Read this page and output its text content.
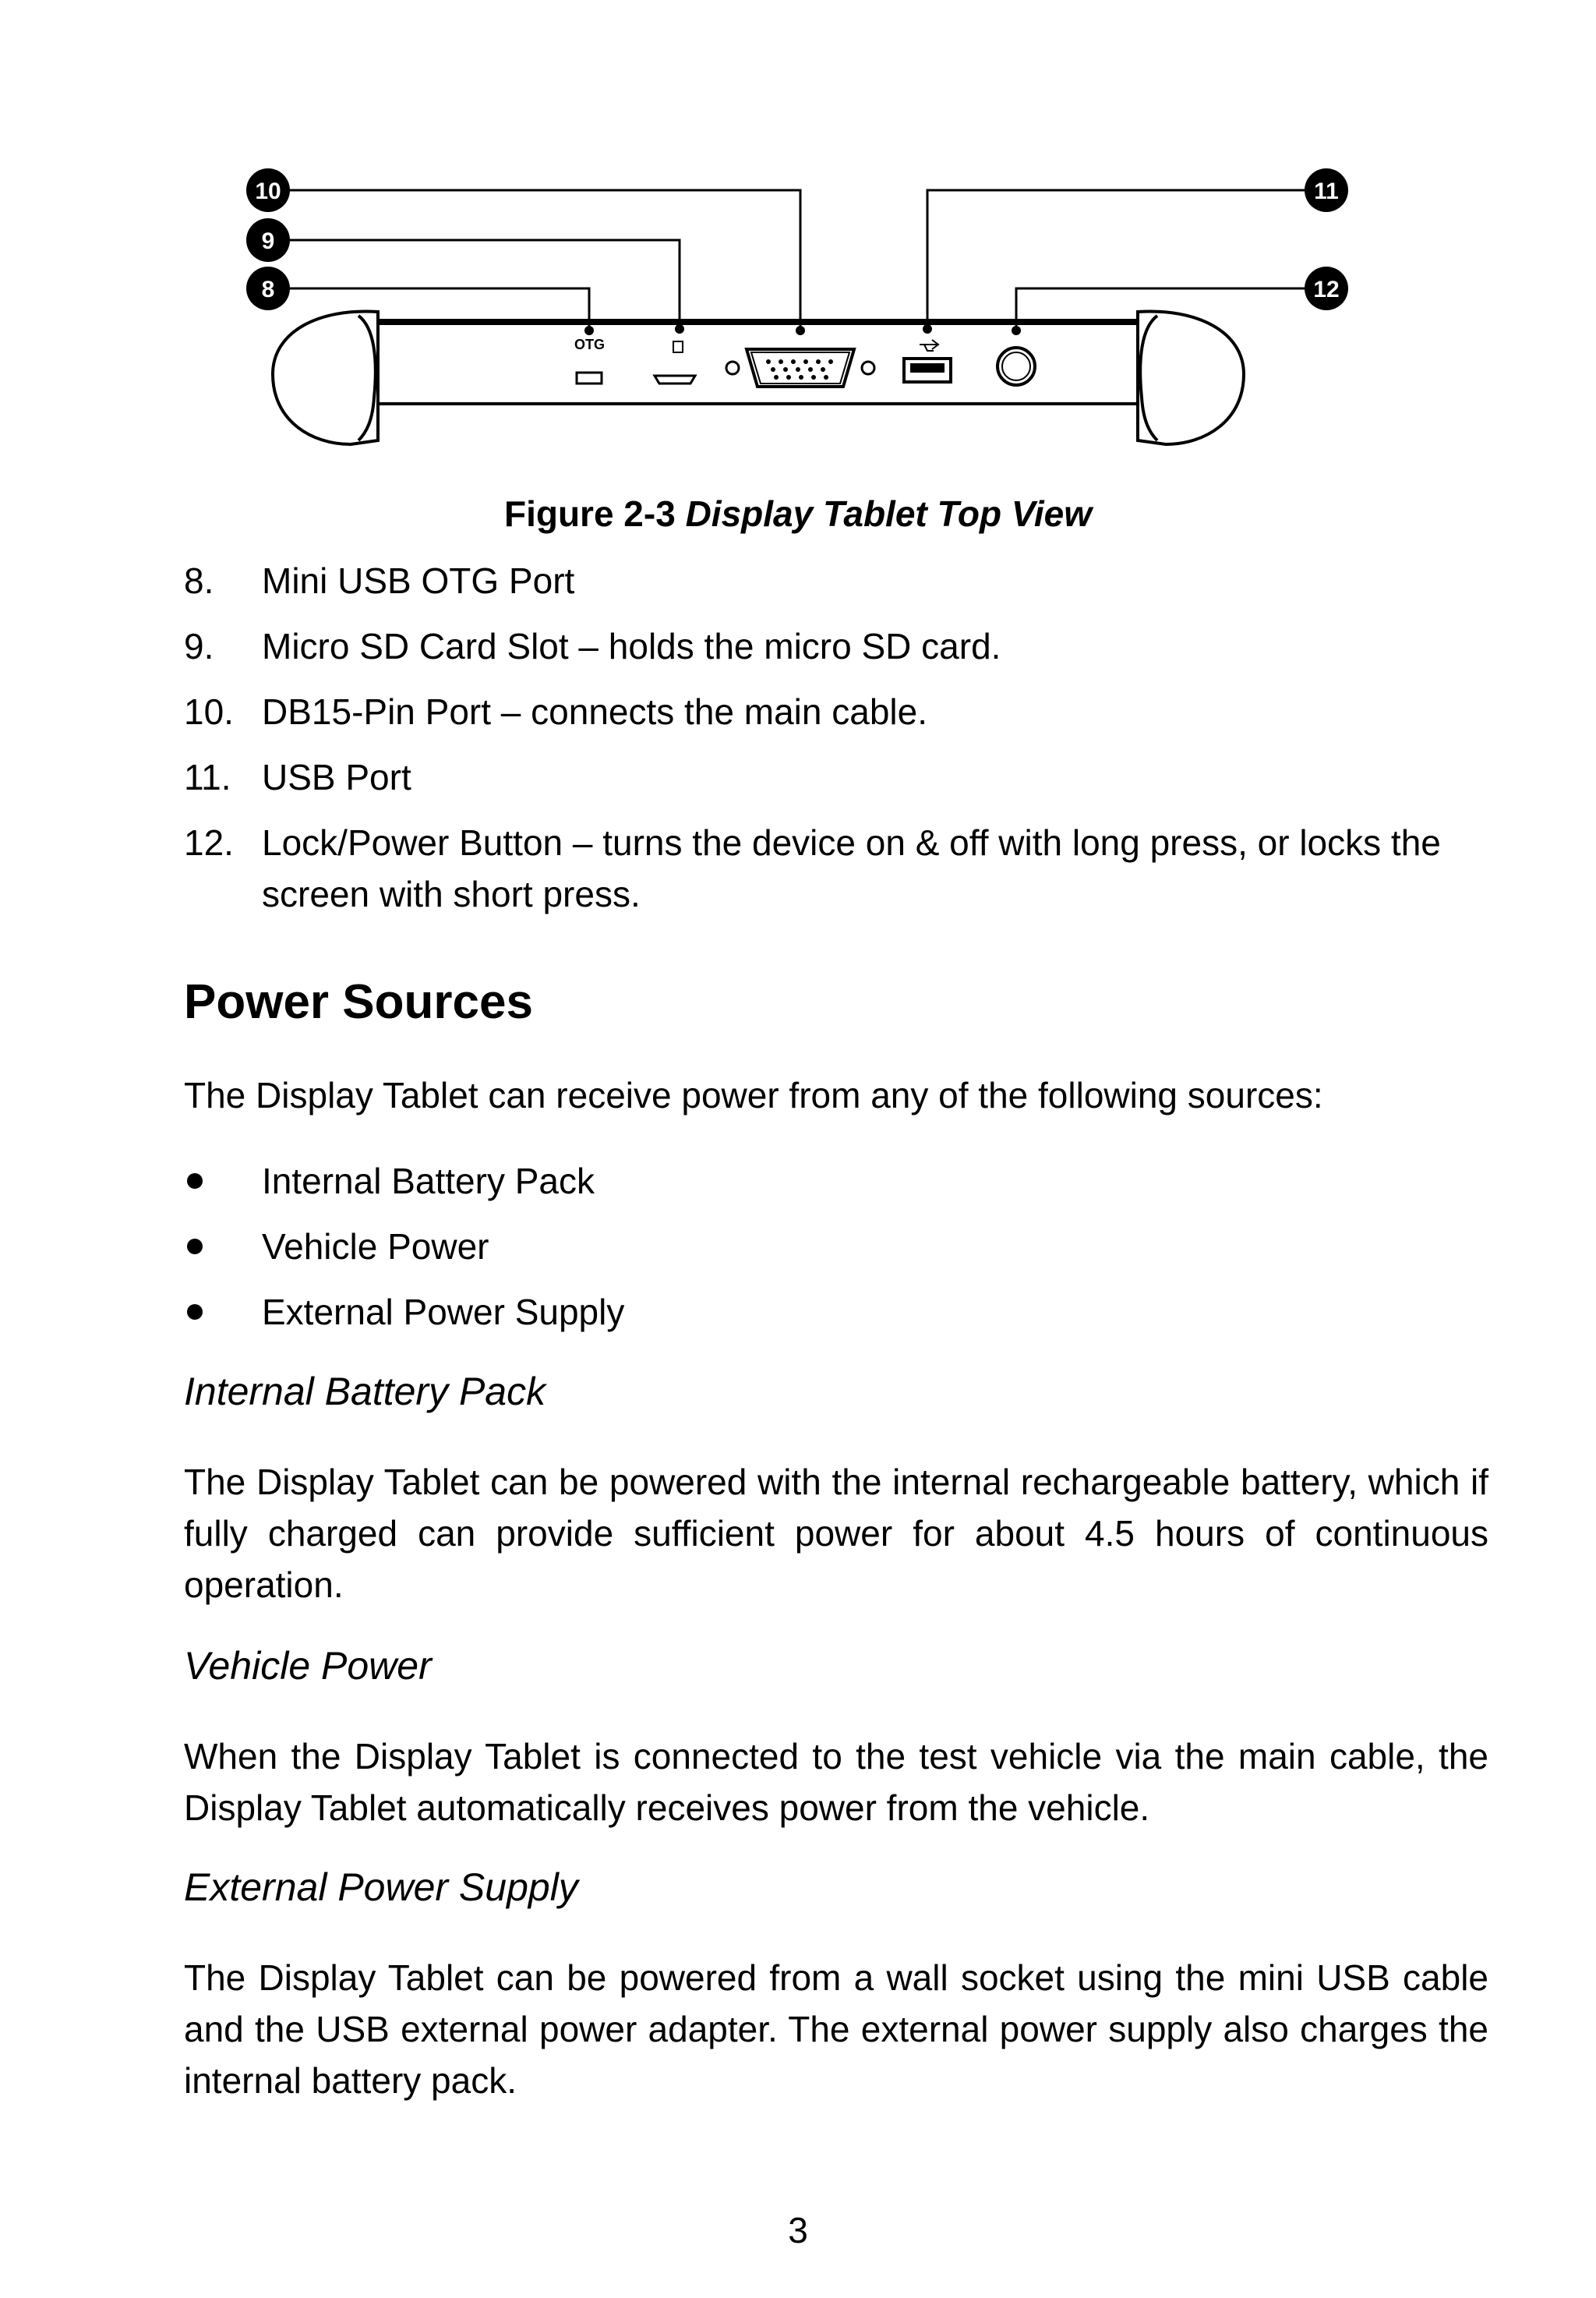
10
9
8
11
12
OTG
Figure 2-3 Display Tablet Top View
8. Mini USB OTG Port
9. Micro SD Card Slot – holds the micro SD card.
10. DB15-Pin Port – connects the main cable.
11. USB Port
12. Lock/Power Button – turns the device on & off with long press, or locks the screen with short press.
Power Sources
The Display Tablet can receive power from any of the following sources:
Internal Battery Pack
Vehicle Power
External Power Supply
Internal Battery Pack
The Display Tablet can be powered with the internal rechargeable battery, which if fully charged can provide sufficient power for about 4.5 hours of continuous operation.
Vehicle Power
When the Display Tablet is connected to the test vehicle via the main cable, the Display Tablet automatically receives power from the vehicle.
External Power Supply
The Display Tablet can be powered from a wall socket using the mini USB cable and the USB external power adapter. The external power supply also charges the internal battery pack.
3
